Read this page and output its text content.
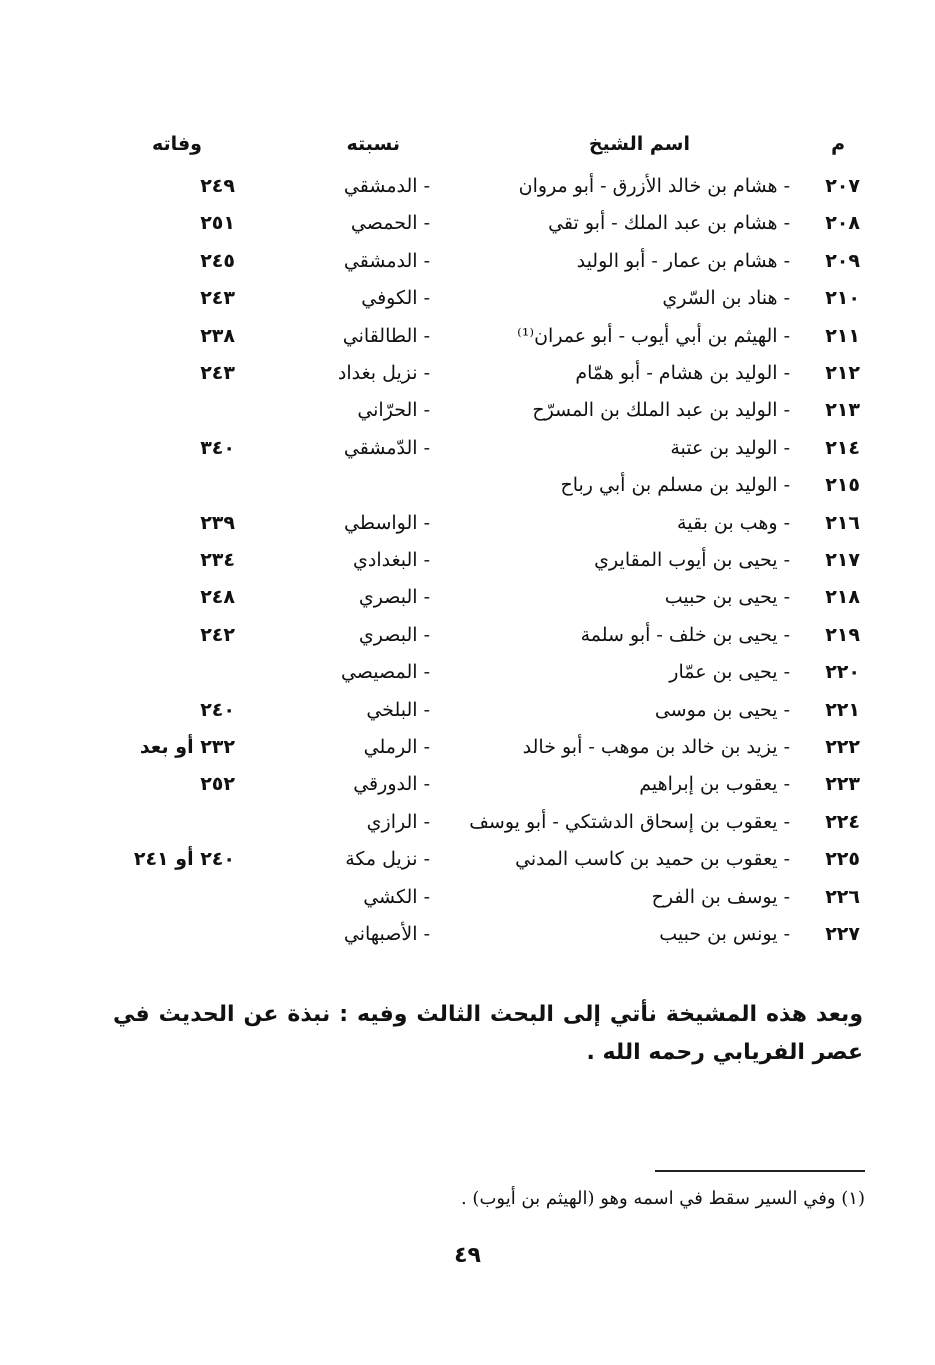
م
اسم الشيخ
نسبته
وفاته
٢٠٧
- هشام بن خالد الأزرق - أبو مروان
- الدمشقي
٢٤٩
٢٠٨
- هشام بن عبد الملك - أبو تقي
- الحمصي
٢٥١
٢٠٩
- هشام بن عمار - أبو الوليد
- الدمشقي
٢٤٥
٢١٠
- هناد بن السّري
- الكوفي
٢٤٣
٢١١
- الهيثم بن أبي أيوب - أبو عمران⁽¹⁾
- الطالقاني
٢٣٨
٢١٢
- الوليد بن هشام - أبو همّام
- نزيل بغداد
٢٤٣
٢١٣
- الوليد بن عبد الملك بن المسرّح
- الحرّاني
٢١٤
- الوليد بن عتبة
- الدّمشقي
٣٤٠
٢١٥
- الوليد بن مسلم بن أبي رباح
٢١٦
- وهب بن بقية
- الواسطي
٢٣٩
٢١٧
- يحيى بن أيوب المقايري
- البغدادي
٢٣٤
٢١٨
- يحيى بن حبيب
- البصري
٢٤٨
٢١٩
- يحيى بن خلف - أبو سلمة
- البصري
٢٤٢
٢٢٠
- يحيى بن عمّار
- المصيصي
٢٢١
- يحيى بن موسى
- البلخي
٢٤٠
٢٢٢
- يزيد بن خالد بن موهب - أبو خالد
- الرملي
٢٣٢ أو بعد
٢٢٣
- يعقوب بن إبراهيم
- الدورقي
٢٥٢
٢٢٤
- يعقوب بن إسحاق الدشتكي - أبو يوسف
- الرازي
٢٢٥
- يعقوب بن حميد بن كاسب المدني
- نزيل مكة
٢٤٠ أو ٢٤١
٢٢٦
- يوسف بن الفرح
- الكشي
٢٢٧
- يونس بن حبيب
- الأصبهاني
وبعد هذه المشيخة نأتي إلى البحث الثالث وفيه : نبذة عن الحديث في عصر الفريابي رحمه الله .
(١) وفي السير سقط في اسمه وهو (الهيثم بن أيوب) .
٤٩
